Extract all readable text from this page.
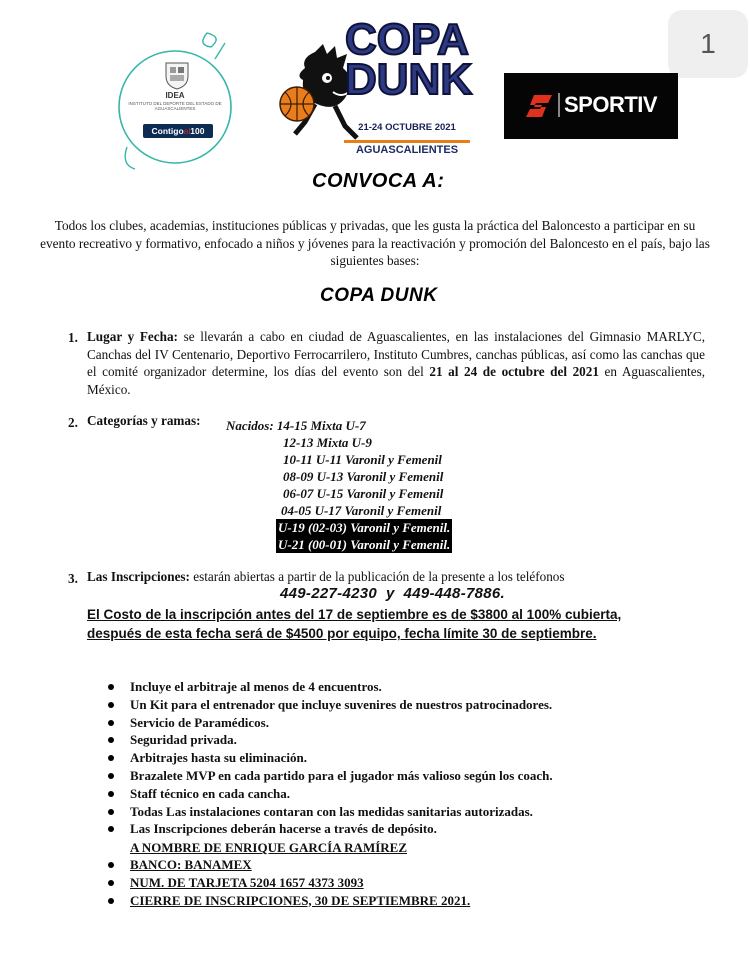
1
IDEA
INSTITUTO DEL DEPORTE DEL ESTADO DE AGUASCALIENTES
Contigoal100
COPA
DUNK
21-24 OCTUBRE 2021
AGUASCALIENTES
SPORTIV
CONVOCA A:
Todos los clubes, academias, instituciones públicas y privadas, que les gusta la práctica del Baloncesto a participar en su evento recreativo y formativo, enfocado a niños y jóvenes para la reactivación y promoción del Baloncesto en el país, bajo las siguientes bases:
COPA DUNK
1. Lugar y Fecha: se llevarán a cabo en ciudad de Aguascalientes, en las instalaciones del Gimnasio MARLYC, Canchas del IV Centenario, Deportivo Ferrocarrilero, Instituto Cumbres, canchas públicas, así como las canchas que el comité organizador determine, los días del evento son del 21 al 24 de octubre del 2021 en Aguascalientes, México.
2. Categorías y ramas: Nacidos: 14-15 Mixta U-7
12-13 Mixta U-9
10-11 U-11 Varonil y Femenil
08-09 U-13 Varonil y Femenil
06-07 U-15 Varonil y Femenil
04-05 U-17 Varonil y Femenil
U-19 (02-03) Varonil y Femenil.
U-21 (00-01) Varonil y Femenil.
3. Las Inscripciones: estarán abiertas a partir de la publicación de la presente a los teléfonos
449-227-4230 y 449-448-7886.
El Costo de la inscripción antes del 17 de septiembre es de $3800 al 100% cubierta, después de esta fecha será de $4500 por equipo, fecha límite 30 de septiembre.
Incluye el arbitraje al menos de 4 encuentros.
Un Kit para el entrenador que incluye suvenires de nuestros patrocinadores.
Servicio de Paramédicos.
Seguridad privada.
Arbitrajes hasta su eliminación.
Brazalete MVP en cada partido para el jugador más valioso según los coach.
Staff técnico en cada cancha.
Todas Las instalaciones contaran con las medidas sanitarias autorizadas.
Las Inscripciones deberán hacerse a través de depósito.
BANCO: BANAMEX
NUM. DE TARJETA 5204 1657 4373 3093
CIERRE DE INSCRIPCIONES, 30 DE SEPTIEMBRE 2021.
A NOMBRE DE ENRIQUE GARCÍA RAMÍREZ
